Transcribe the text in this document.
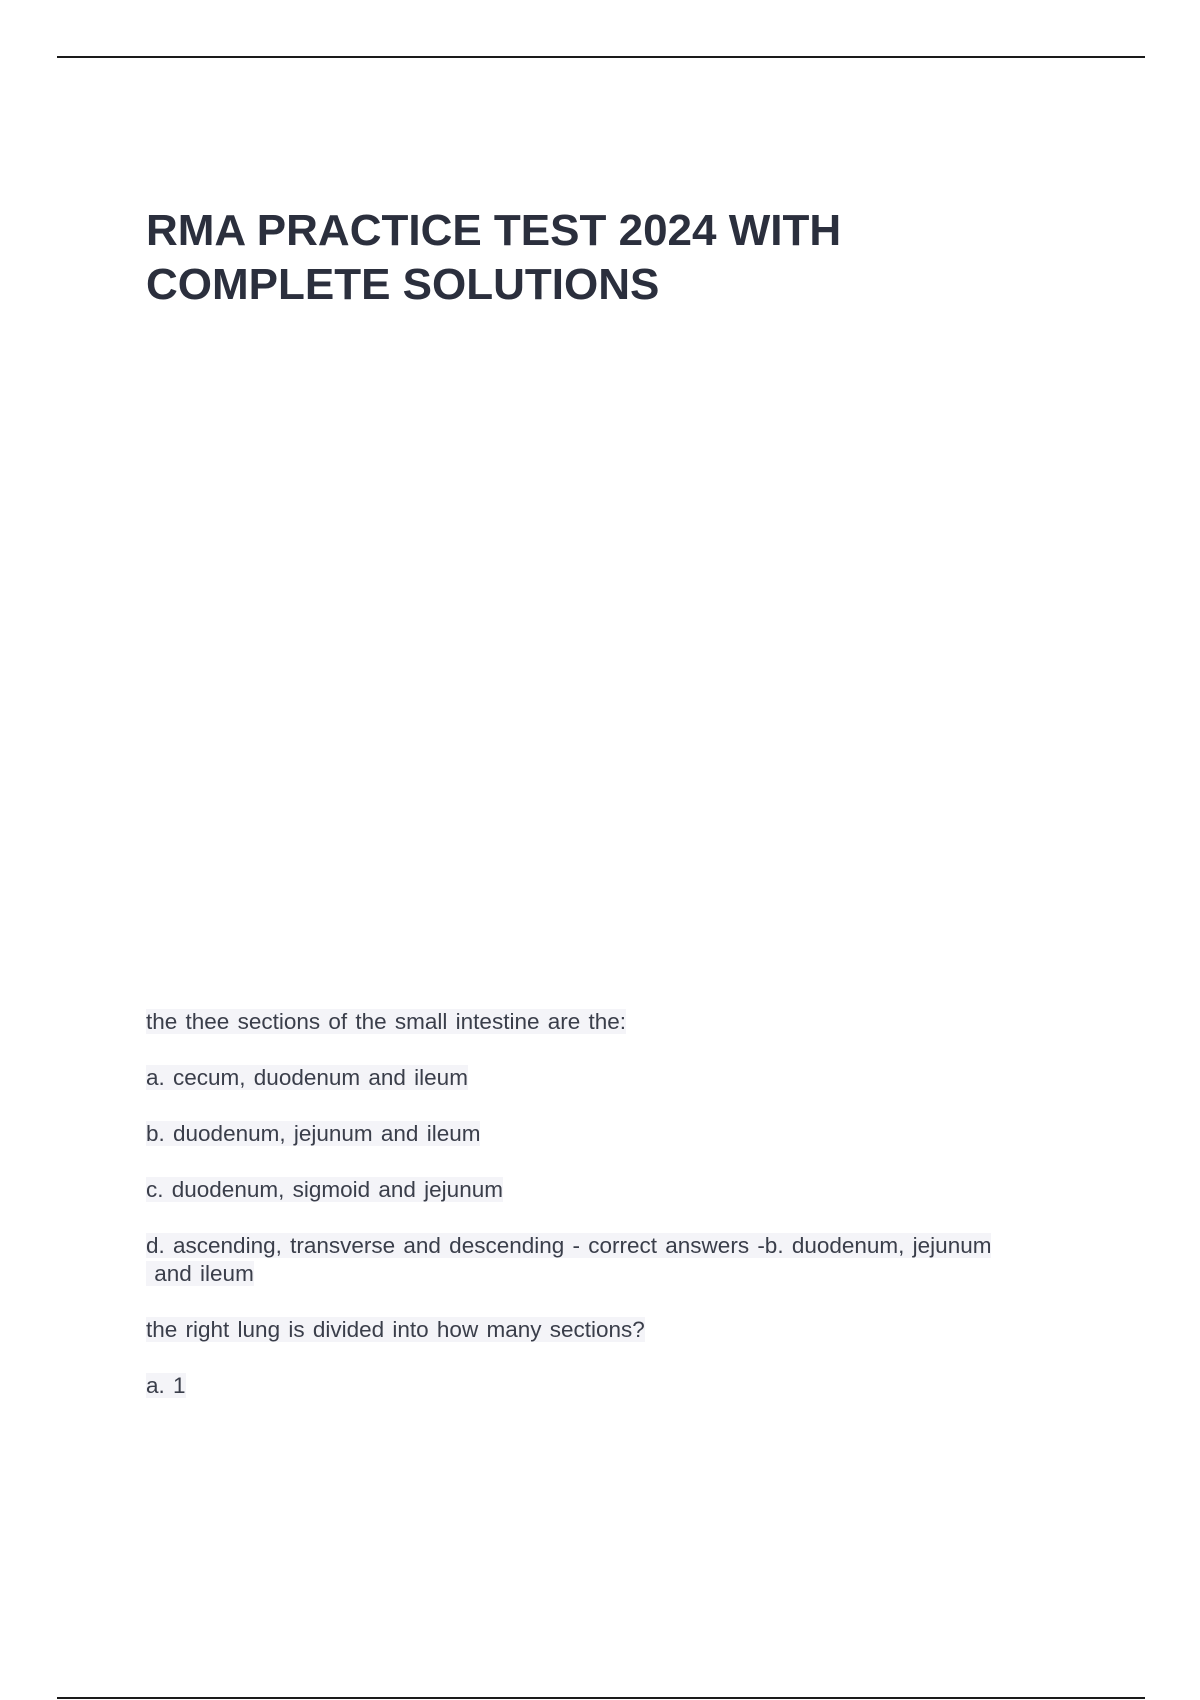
RMA PRACTICE TEST 2024 WITH COMPLETE SOLUTIONS

the thee sections of the small intestine are the:

a. cecum, duodenum and ileum

b. duodenum, jejunum and ileum

c. duodenum, sigmoid and jejunum

d. ascending, transverse and descending - correct answers -b. duodenum, jejunum

and ileum

the right lung is divided into how many sections?

a. 1
